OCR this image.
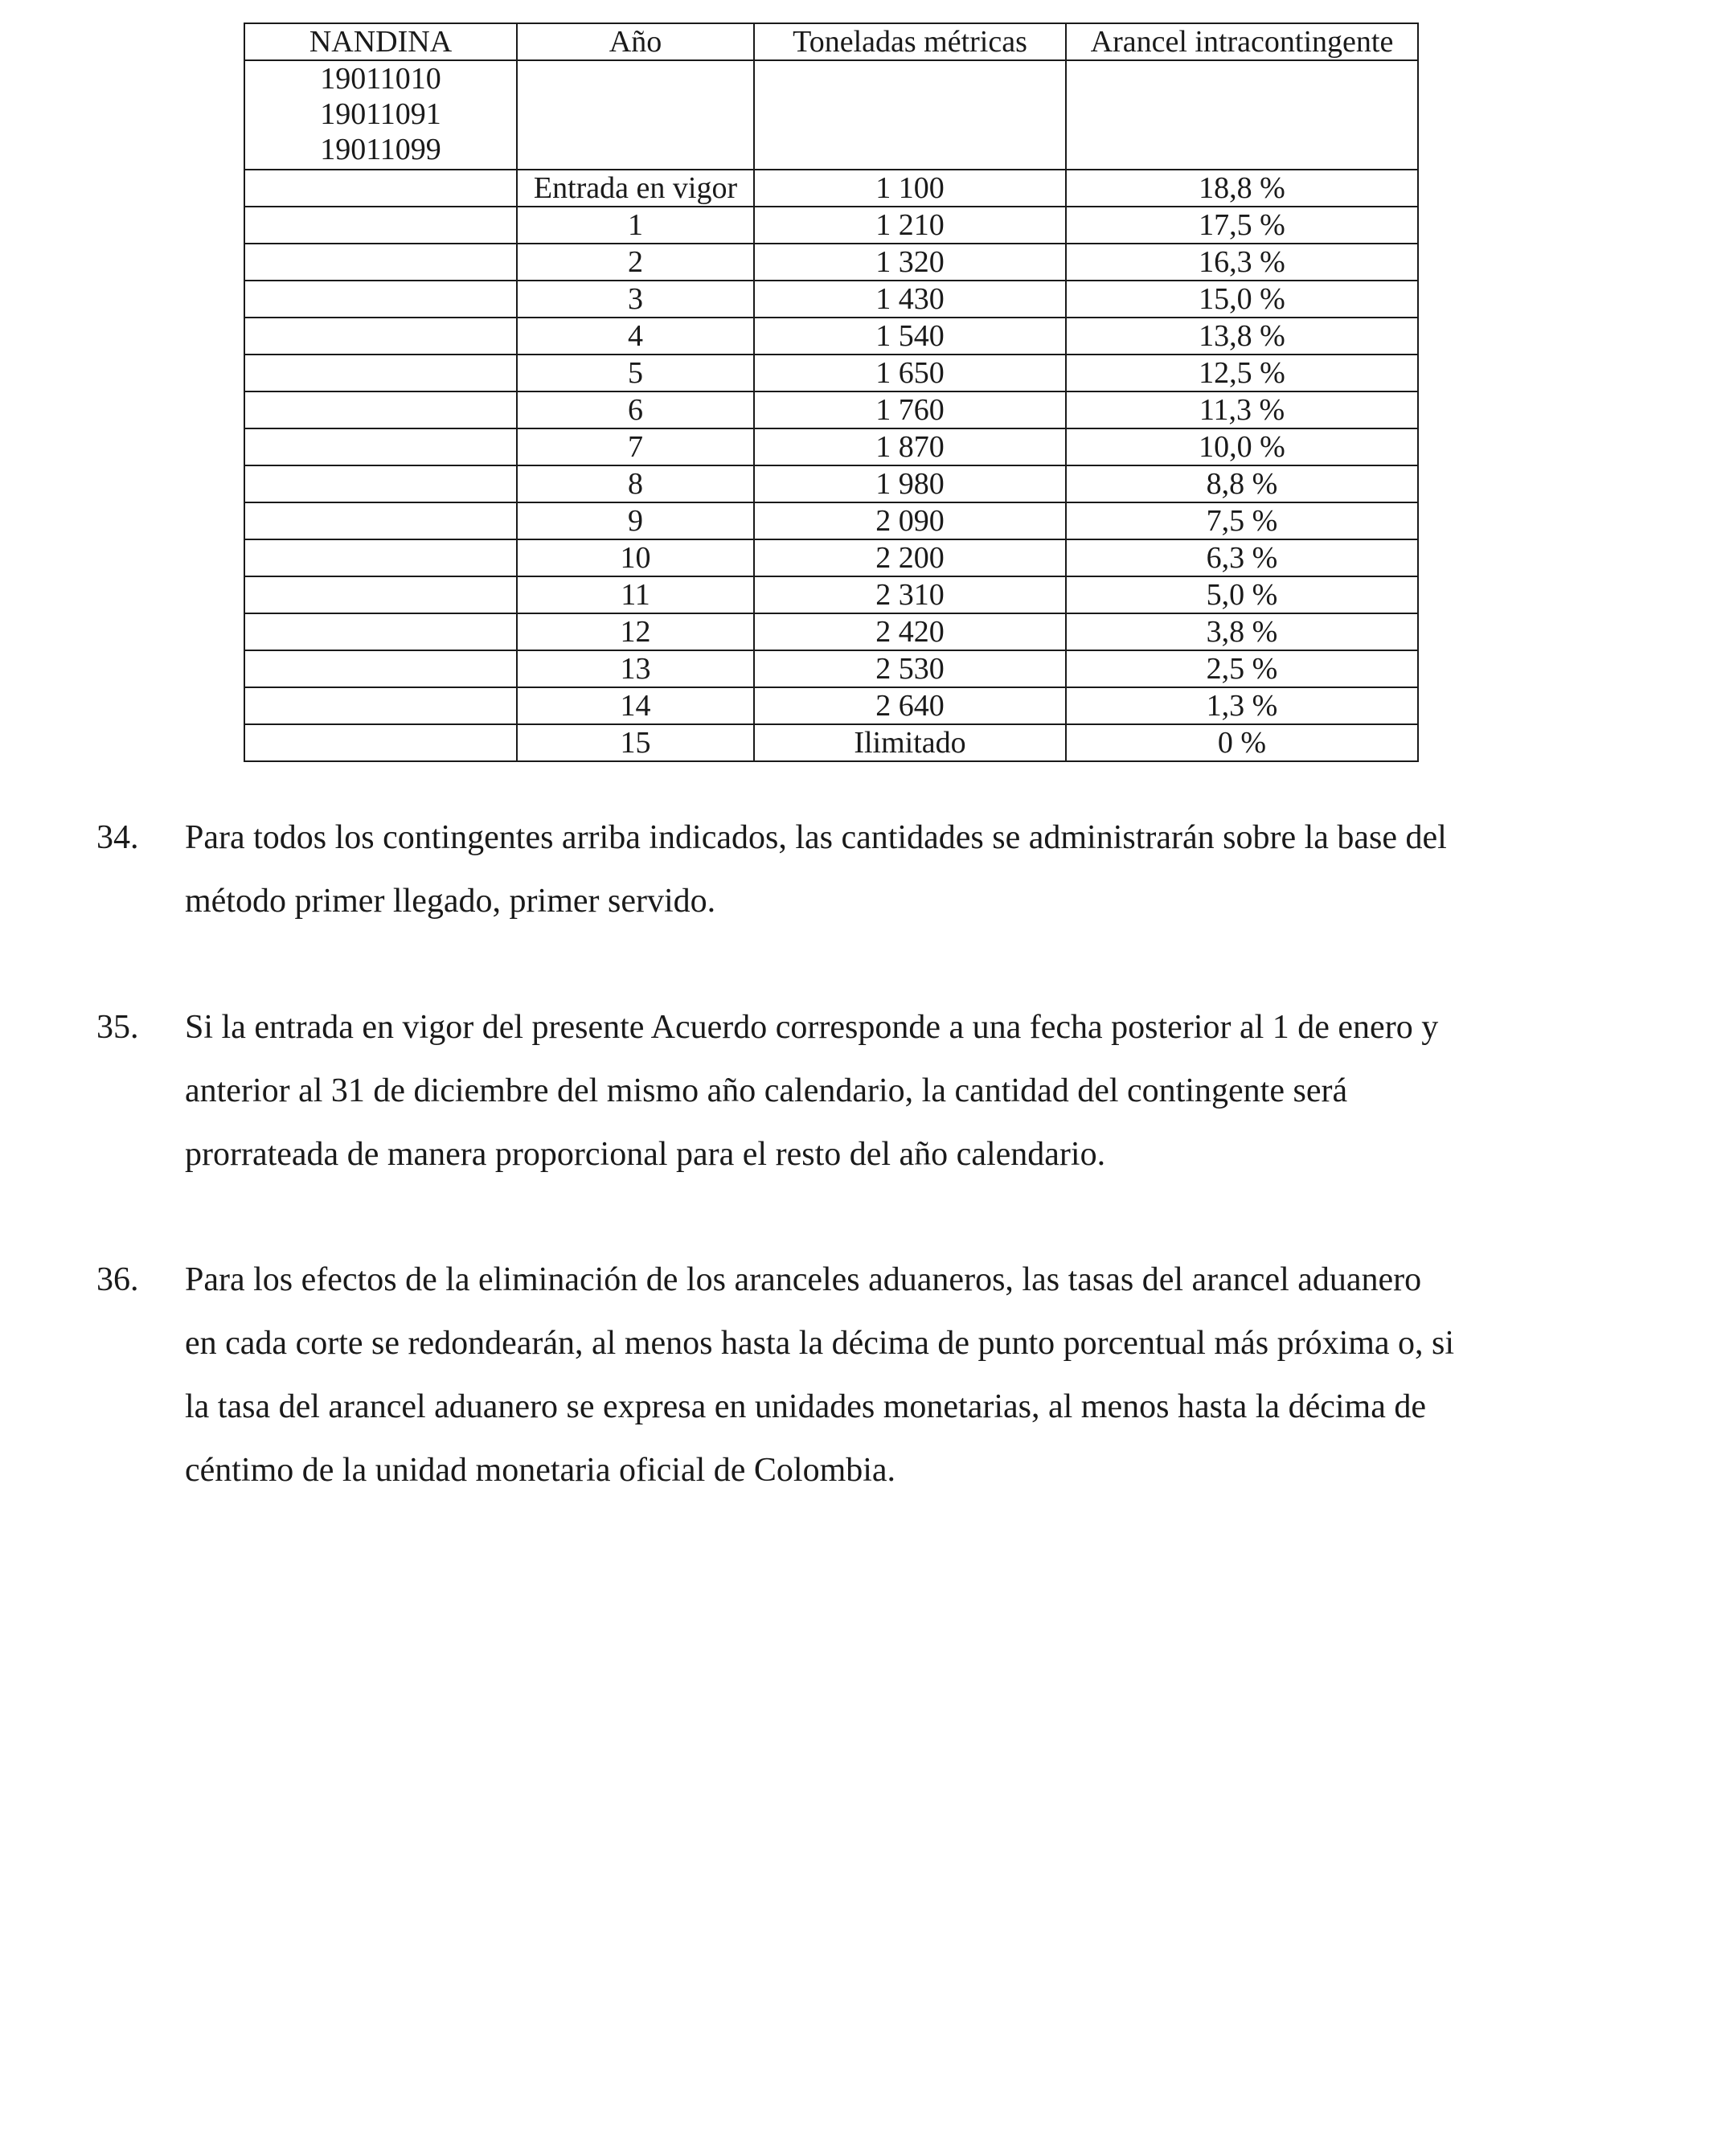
NANDINA	Año	Toneladas métricas	Arancel intracontingente

19011010
19011091
19011099			

	Entrada en vigor	1 100	18,8 %
	1	1 210	17,5 %
	2	1 320	16,3 %
	3	1 430	15,0 %
	4	1 540	13,8 %
	5	1 650	12,5 %
	6	1 760	11,3 %
	7	1 870	10,0 %
	8	1 980	8,8 %
	9	2 090	7,5 %
	10	2 200	6,3 %
	11	2 310	5,0 %
	12	2 420	3,8 %
	13	2 530	2,5 %
	14	2 640	1,3 %
	15	Ilimitado	0 %
34. Para todos los contingentes arriba indicados, las cantidades se administrarán sobre la base del
método primer llegado, primer servido.
35. Si la entrada en vigor del presente Acuerdo corresponde a una fecha posterior al 1 de enero y
anterior al 31 de diciembre del mismo año calendario, la cantidad del contingente será
prorrateada de manera proporcional para el resto del año calendario.
36. Para los efectos de la eliminación de los aranceles aduaneros, las tasas del arancel aduanero
en cada corte se redondearán, al menos hasta la décima de punto porcentual más próxima o, si
la tasa del arancel aduanero se expresa en unidades monetarias, al menos hasta la décima de
céntimo de la unidad monetaria oficial de Colombia.
